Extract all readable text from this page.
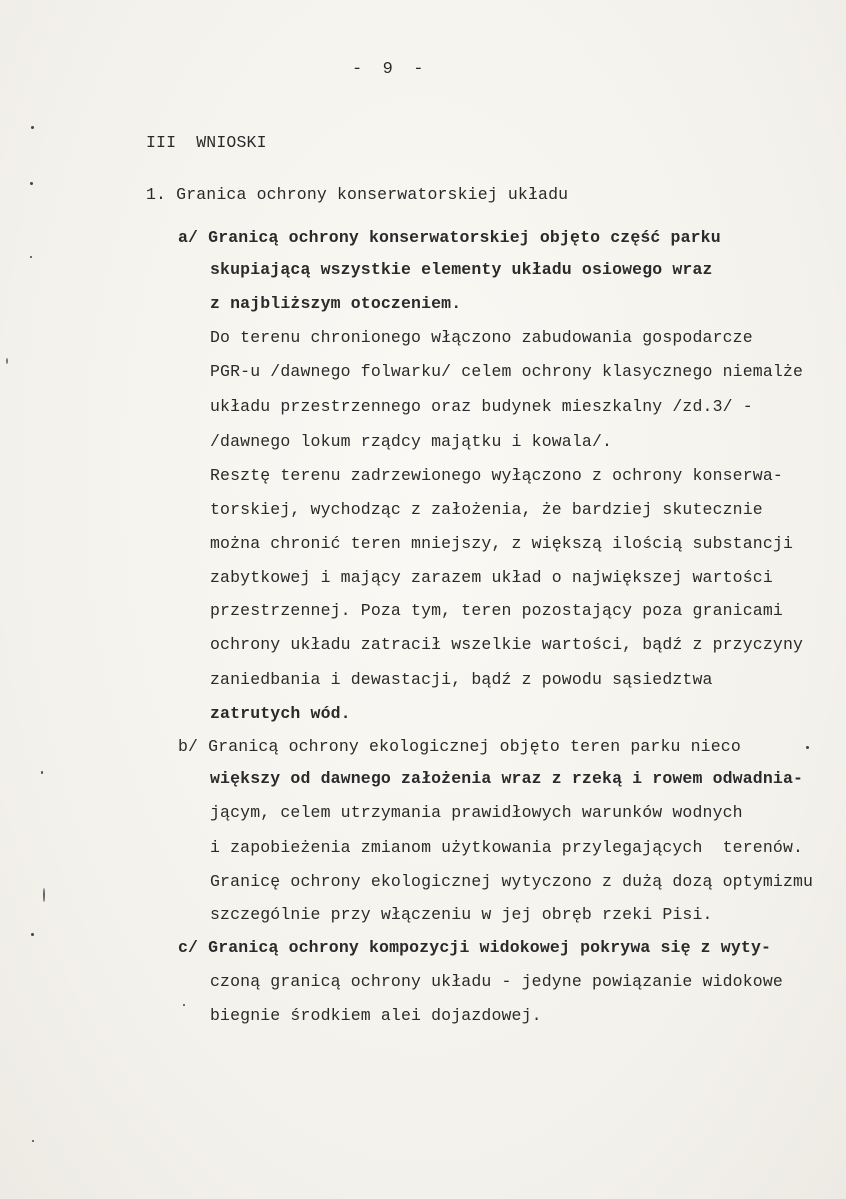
-  9  -
III  WNIOSKI
1. Granica ochrony konserwatorskiej układu
a/ Granicą ochrony konserwatorskiej objęto część parku
skupiającą wszystkie elementy układu osiowego wraz
z najbliższym otoczeniem.
Do terenu chronionego włączono zabudowania gospodarcze
PGR-u /dawnego folwarku/ celem ochrony klasycznego niemalże
układu przestrzennego oraz budynek mieszkalny /zd.3/ -
/dawnego lokum rządcy majątku i kowala/.
Resztę terenu zadrzewionego wyłączono z ochrony konserwa-
torskiej, wychodząc z założenia, że bardziej skutecznie
można chronić teren mniejszy, z większą ilością substancji
zabytkowej i mający zarazem układ o największej wartości
przestrzennej. Poza tym, teren pozostający poza granicami
ochrony układu zatracił wszelkie wartości, bądź z przyczyny
zaniedbania i dewastacji, bądź z powodu sąsiedztwa
zatrutych wód.
b/ Granicą ochrony ekologicznej objęto teren parku nieco
większy od dawnego założenia wraz z rzeką i rowem odwadnia-
jącym, celem utrzymania prawidłowych warunków wodnych
i zapobieżenia zmianom użytkowania przylegających  terenów.
Granicę ochrony ekologicznej wytyczono z dużą dozą optymizmu
szczególnie przy włączeniu w jej obręb rzeki Pisi.
c/ Granicą ochrony kompozycji widokowej pokrywa się z wyty-
czoną granicą ochrony układu - jedyne powiązanie widokowe
biegnie środkiem alei dojazdowej.
